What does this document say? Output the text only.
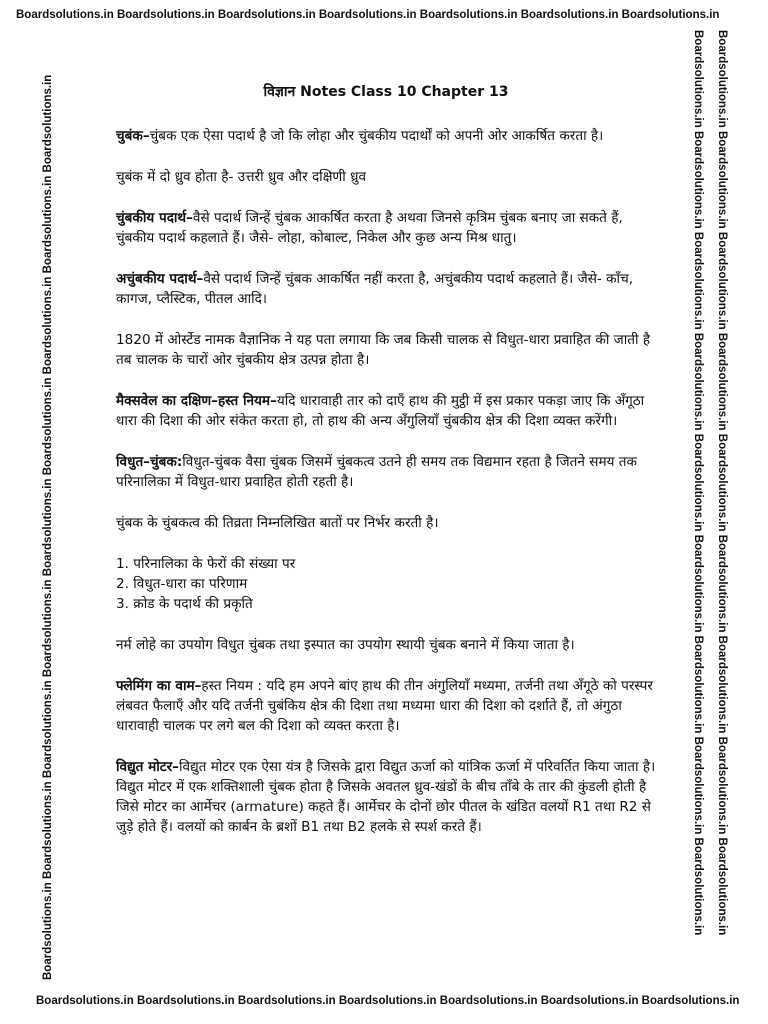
Boardsolutions.in Boardsolutions.in Boardsolutions.in Boardsolutions.in Boardsolutions.in Boardsolutions.in Boardsolutions.in
Boardsolutions.in Boardsolutions.in Boardsolutions.in Boardsolutions.in Boardsolutions.in Boardsolutions.in Boardsolutions.in
Boardsolutions.in Boardsolutions.in Boardsolutions.in Boardsolutions.in Boardsolutions.in Boardsolutions.in Boardsolutions.in Boardsolutions.in Boardsolutions.in	Boardsolutions.in Boardsolutions.in Boardsolutions.in Boardsolutions.in Boardsolutions.in Boardsolutions.in Boardsolutions.in Boardsolutions.in Boardsolutions.in Boardsolutions.in Boardsolutions.in Boardsolutions.in Boardsolutions.in Boardsolutions.in Boardsolutions.in Boardsolutions.in Boardsolutions.in Boardsolutions.in
विज्ञान Notes Class 10 Chapter 13

चुबंक–चुंबक एक ऐसा पदार्थ है जो कि लोहा और चुंबकीय पदार्थों को अपनी ओर आकर्षित करता है।

चुबंक में दो ध्रुव होता है- उत्तरी ध्रुव और दक्षिणी ध्रुव

चुंबकीय पदार्थ–वैसे पदार्थ जिन्हें चुंबक आकर्षित करता है अथवा जिनसे कृत्रिम चुंबक बनाए जा सकते हैं, चुंबकीय पदार्थ कहलाते हैं। जैसे- लोहा, कोबाल्ट, निकेल और कुछ अन्य मिश्र धातु।

अचुंबकीय पदार्थ–वैसे पदार्थ जिन्हें चुंबक आकर्षित नहीं करता है, अचुंबकीय पदार्थ कहलाते हैं। जैसे- काँच, कागज, प्लैस्टिक, पीतल आदि।

1820 में ओर्स्टेड नामक वैज्ञानिक ने यह पता लगाया कि जब किसी चालक से विधुत-धारा प्रवाहित की जाती है तब चालक के चारों ओर चुंबकीय क्षेत्र उत्पन्न होता है।

मैक्सवेल का दक्षिण–हस्त नियम–यदि धारावाही तार को दाएँ हाथ की मुट्ठी में इस प्रकार पकड़ा जाए कि अँगूठा धारा की दिशा की ओर संकेत करता हो, तो हाथ की अन्य अँगुलियाँ चुंबकीय क्षेत्र की दिशा व्यक्त करेंगी।

विधुत–चुंबक:विधुत-चुंबक वैसा चुंबक जिसमें चुंबकत्व उतने ही समय तक विद्यमान रहता है जितने समय तक परिनालिका में विधुत-धारा प्रवाहित होती रहती है।

चुंबक के चुंबकत्व की तिव्रता निम्नलिखित बातों पर निर्भर करती है।

1. परिनालिका के फेरों की संख्या पर
2. विधुत-धारा का परिणाम
3. क्रोड के पदार्थ की प्रकृति

नर्म लोहे का उपयोग विधुत चुंबक तथा इस्पात का उपयोग स्थायी चुंबक बनाने में किया जाता है।

फ्लेमिंग का वाम–हस्त नियम : यदि हम अपने बांए हाथ की तीन अंगुलियाँ मध्यमा, तर्जनी तथा अँगूठे को परस्पर लंबवत फैलाएँ और यदि तर्जनी चुबंकिय क्षेत्र की दिशा तथा मध्यमा धारा की दिशा को दर्शाते हैं, तो अंगुठा धारावाही चालक पर लगे बल की दिशा को व्यक्त करता है।

विद्युत मोटर–विद्युत मोटर एक ऐसा यंत्र है जिसके द्वारा विद्युत ऊर्जा को यांत्रिक ऊर्जा में परिवर्तित किया जाता है। विद्युत मोटर में एक शक्तिशाली चुंबक होता है जिसके अवतल ध्रुव-खंडों के बीच ताँबे के तार की कुंडली होती है जिसे मोटर का आर्मेचर (armature) कहते हैं। आर्मेचर के दोनों छोर पीतल के खंडित वलयों R1 तथा R2 से जुड़े होते हैं। वलयों को कार्बन के ब्रशों B1 तथा B2 हलके से स्पर्श करते हैं।
